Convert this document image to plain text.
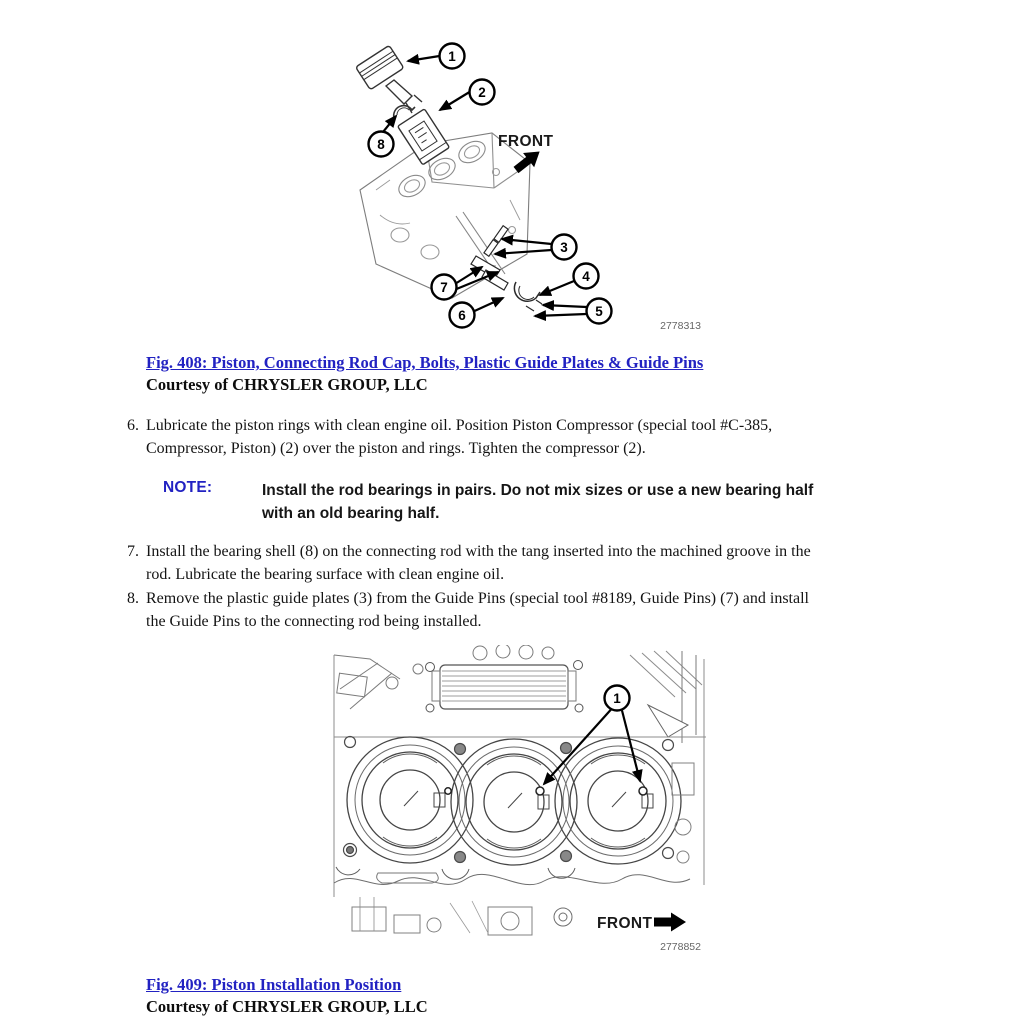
1
2
8
3
4
7
6	5
FRONT
2778313
Fig. 408: Piston, Connecting Rod Cap, Bolts, Plastic Guide Plates & Guide Pins
Courtesy of CHRYSLER GROUP, LLC
6. Lubricate the piston rings with clean engine oil. Position Piston Compressor (special tool #C-385,
Compressor, Piston) (2) over the piston and rings. Tighten the compressor (2).
NOTE:	Install the rod bearings in pairs. Do not mix sizes or use a new bearing half
with an old bearing half.
7. Install the bearing shell (8) on the connecting rod with the tang inserted into the machined groove in the
rod. Lubricate the bearing surface with clean engine oil.
8. Remove the plastic guide plates (3) from the Guide Pins (special tool #8189, Guide Pins) (7) and install
the Guide Pins to the connecting rod being installed.
1
FRONT
2778852
Fig. 409: Piston Installation Position
Courtesy of CHRYSLER GROUP, LLC
